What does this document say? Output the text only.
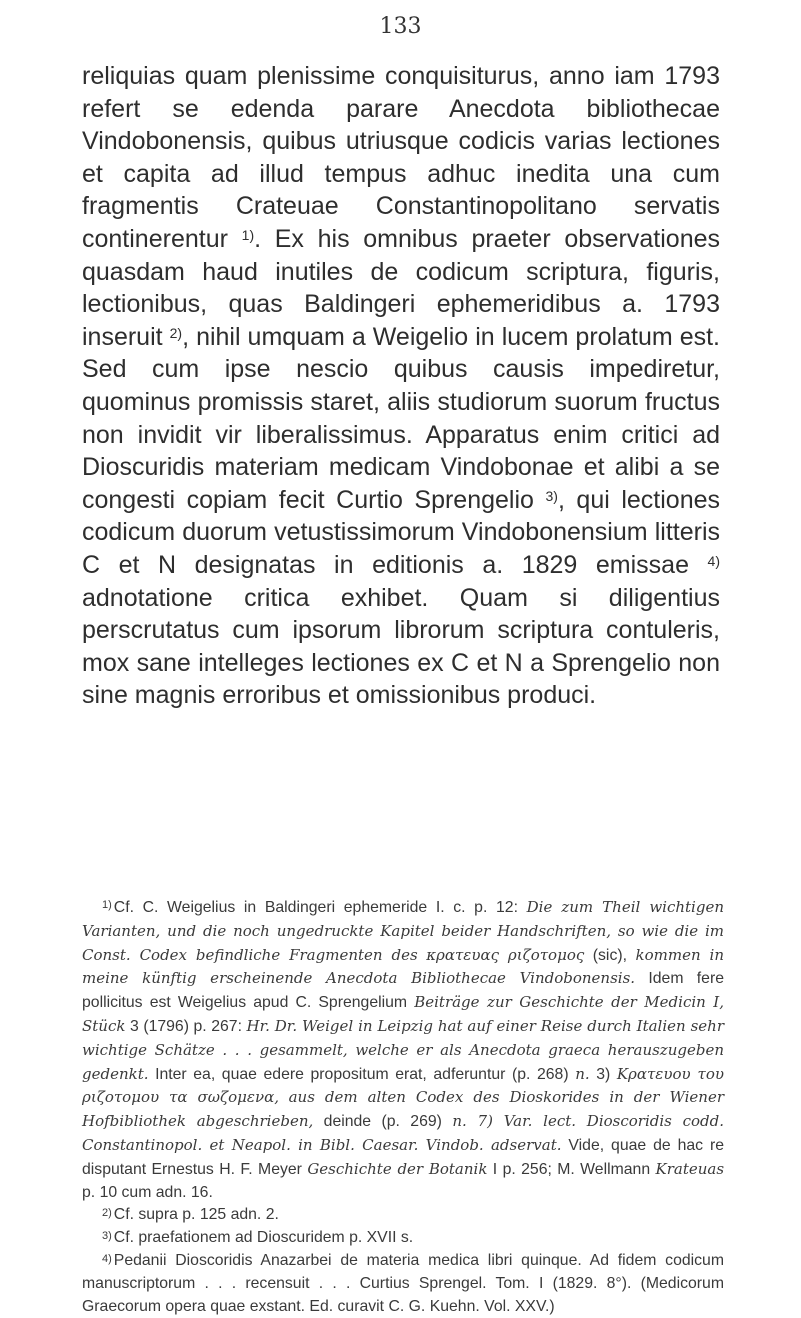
133

reliquias quam plenissime conquisiturus, anno iam 1793 refert se edenda parare Anecdota bibliothecae Vindobonensis, quibus utriusque codicis varias lectiones et capita ad illud tempus adhuc inedita una cum fragmentis Crateuae Constantinopolitano servatis continerentur $^{1)}$. Ex his omnibus praeter observationes quasdam haud inutiles de codicum scriptura, figuris, lectionibus, quas Baldingeri ephemeridibus a. 1793 inseruit $^{2)}$, nihil umquam a Weigelio in lucem prolatum est. Sed cum ipse nescio quibus causis impediretur, quominus promissis staret, aliis studiorum suorum fructus non invidit vir liberalissimus. Apparatus enim critici ad Dioscuridis materiam medicam Vindobonae et alibi a se congesti copiam fecit Curtio Sprengelio $^{3)}$, qui lectiones codicum duorum vetustissimorum Vindobonensium litteris C et N designatas in editionis a. 1829 emissae $^{4)}$ adnotatione critica exhibet. Quam si diligentius perscrutatus cum ipsorum librorum scriptura contuleris, mox sane intelleges lectiones ex C et N a Sprengelio non sine magnis erroribus et omissionibus produci.

$^{1)}$ Cf. C. Weigelius in Baldingeri ephemeride I. c. p. 12: Die zum Theil wichtigen Varianten, und die noch ungedruckte Kapitel beider Handschriften, so wie die im Const. Codex befindliche Fragmenten des κρατευας ριζοτομος (sic), kommen in meine künftig erscheinende Anecdota Bibliothecae Vindobonensis. Idem fere pollicitus est Weigelius apud C. Sprengelium Beiträge zur Geschichte der Medicin I, Stück 3 (1796) p. 267: Hr. Dr. Weigel in Leipzig hat auf einer Reise durch Italien sehr wichtige Schätze . . . gesammelt, welche er als Anecdota graeca herauszugeben gedenkt. Inter ea, quae edere propositum erat, adferuntur (p. 268) n. 3) Κρατευου του ριζοτομου τα σωζομενα, aus dem alten Codex des Dioskorides in der Wiener Hofbibliothek abgeschrieben, deinde (p. 269) n. 7) Var. lect. Dioscoridis codd. Constantinopol. et Neapol. in Bibl. Caesar. Vindob. adservat. Vide, quae de hac re disputant Ernestus H. F. Meyer Geschichte der Botanik I p. 256; M. Wellmann Krateuas p. 10 cum adn. 16.

$^{2)}$ Cf. supra p. 125 adn. 2.

$^{3)}$ Cf. praefationem ad Dioscuridem p. XVII s.

$^{4)}$ Pedanii Dioscoridis Anazarbei de materia medica libri quinque. Ad fidem codicum manuscriptorum . . . recensuit . . . Curtius Sprengel. Tom. I (1829. 8°). (Medicorum Graecorum opera quae exstant. Ed. curavit C. G. Kuehn. Vol. XXV.)
